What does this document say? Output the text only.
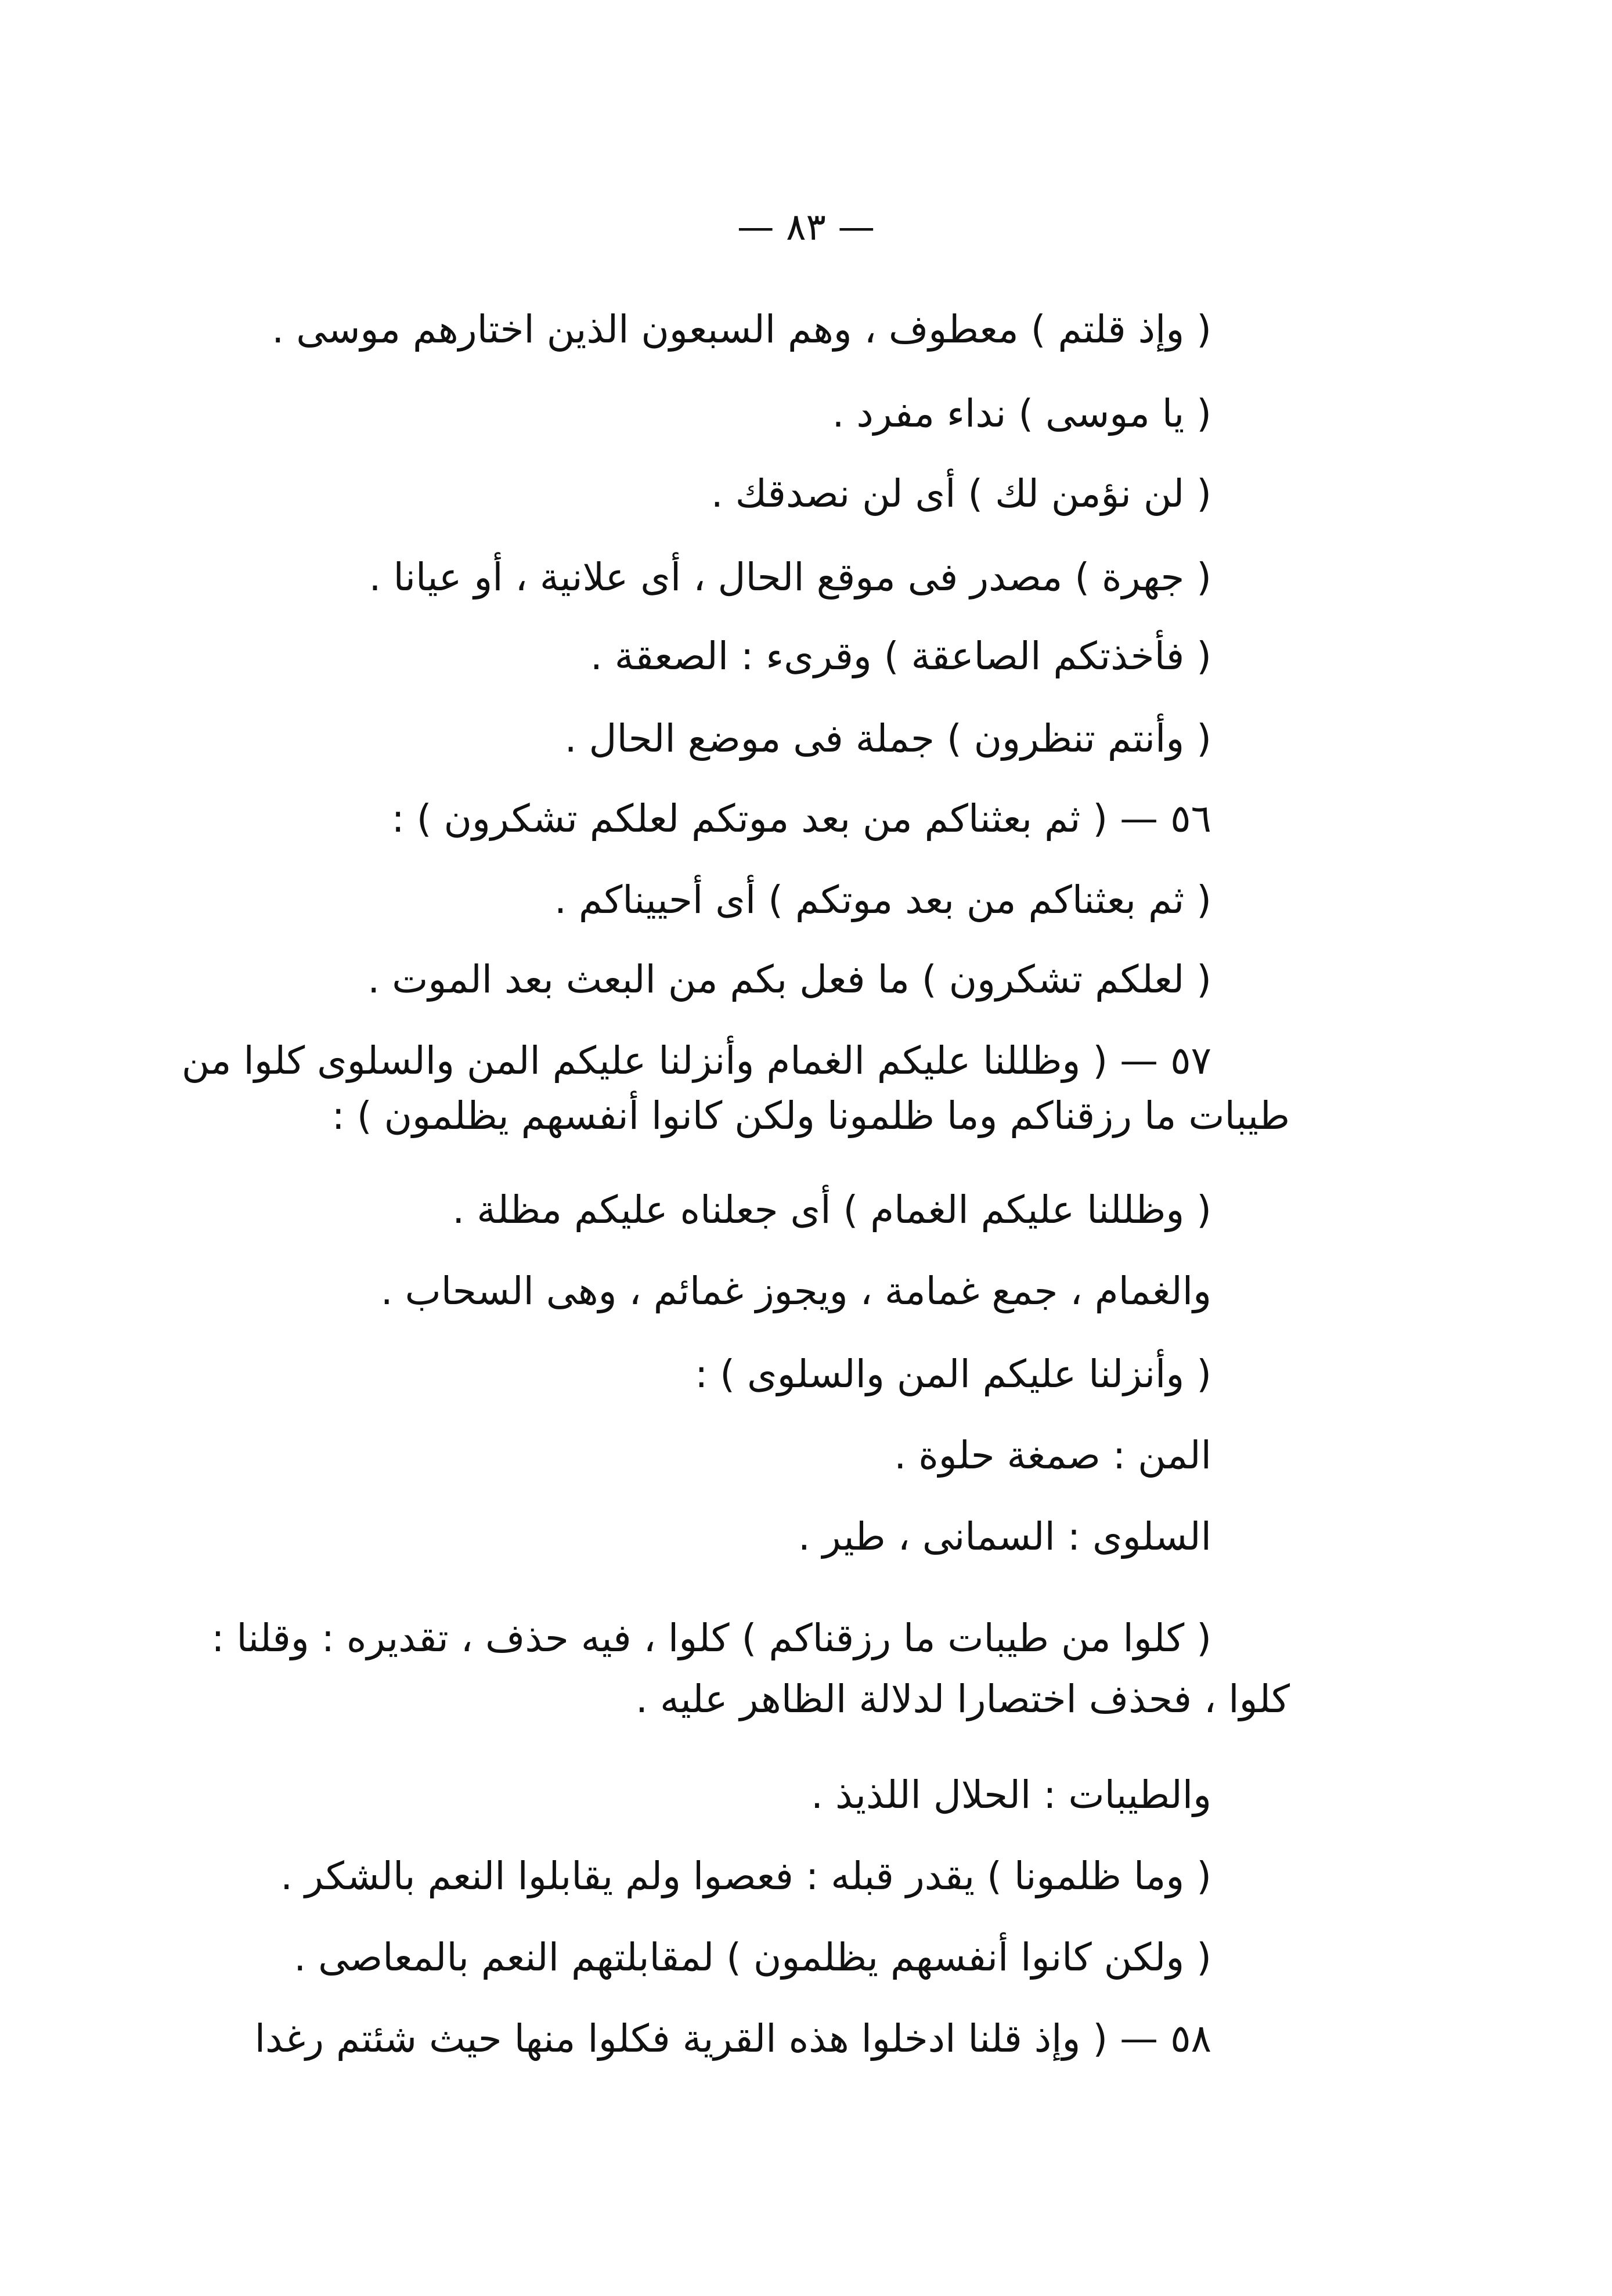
— ٨٣ —
( وإذ قلتم ) معطوف ، وهم السبعون الذين اختارهم موسى .
( يا موسى ) نداء مفرد .
( لن نؤمن لك ) أى لن نصدقك .
( جهرة ) مصدر فى موقع الحال ، أى علانية ، أو عيانا .
( فأخذتكم الصاعقة ) وقرىء : الصعقة .
( وأنتم تنظرون ) جملة فى موضع الحال .
٥٦ — ( ثم بعثناكم من بعد موتكم لعلكم تشكرون ) :
( ثم بعثناكم من بعد موتكم ) أى أحييناكم .
( لعلكم تشكرون ) ما فعل بكم من البعث بعد الموت .
٥٧ — ( وظللنا عليكم الغمام وأنزلنا عليكم المن والسلوى كلوا من
طيبات ما رزقناكم وما ظلمونا ولكن كانوا أنفسهم يظلمون ) :
( وظللنا عليكم الغمام ) أى جعلناه عليكم مظلة .
والغمام ، جمع غمامة ، ويجوز غمائم ، وهى السحاب .
( وأنزلنا عليكم المن والسلوى ) :
المن : صمغة حلوة .
السلوى : السمانى ، طير .
( كلوا من طيبات ما رزقناكم ) كلوا ، فيه حذف ، تقديره : وقلنا :
كلوا ، فحذف اختصارا لدلالة الظاهر عليه .
والطيبات : الحلال اللذيذ .
( وما ظلمونا ) يقدر قبله : فعصوا ولم يقابلوا النعم بالشكر .
( ولكن كانوا أنفسهم يظلمون ) لمقابلتهم النعم بالمعاصى .
٥٨ — ( وإذ قلنا ادخلوا هذه القرية فكلوا منها حيث شئتم رغدا
